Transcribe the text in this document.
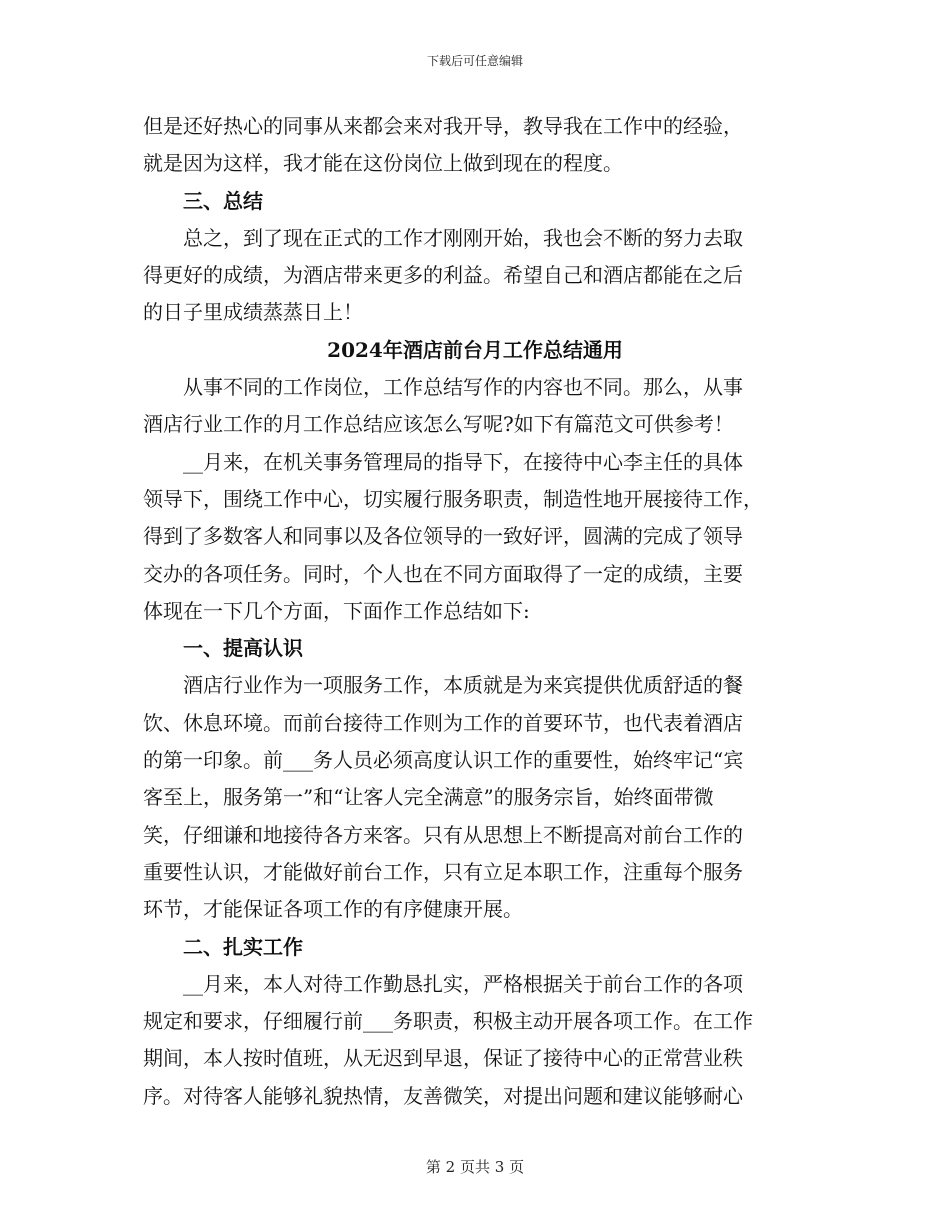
下载后可任意编辑

但是还好热心的同事从来都会来对我开导，教导我在工作中的经验，
就是因为这样，我才能在这份岗位上做到现在的程度。

三、总结

总之，到了现在正式的工作才刚刚开始，我也会不断的努力去取
得更好的成绩，为酒店带来更多的利益。希望自己和酒店都能在之后
的日子里成绩蒸蒸日上！

2024年酒店前台月工作总结通用

从事不同的工作岗位，工作总结写作的内容也不同。那么，从事
酒店行业工作的月工作总结应该怎么写呢?如下有篇范文可供参考！

__月来，在机关事务管理局的指导下，在接待中心李主任的具体
领导下，围绕工作中心，切实履行服务职责，制造性地开展接待工作，
得到了多数客人和同事以及各位领导的一致好评，圆满的完成了领导
交办的各项任务。同时，个人也在不同方面取得了一定的成绩，主要
体现在一下几个方面，下面作工作总结如下:

一、提高认识

酒店行业作为一项服务工作，本质就是为来宾提供优质舒适的餐
饮、休息环境。而前台接待工作则为工作的首要环节，也代表着酒店
的第一印象。前___务人员必须高度认识工作的重要性，始终牢记“宾
客至上，服务第一”和“让客人完全满意”的服务宗旨，始终面带微
笑，仔细谦和地接待各方来客。只有从思想上不断提高对前台工作的
重要性认识，才能做好前台工作，只有立足本职工作，注重每个服务
环节，才能保证各项工作的有序健康开展。

二、扎实工作

__月来，本人对待工作勤恳扎实，严格根据关于前台工作的各项
规定和要求，仔细履行前___务职责，积极主动开展各项工作。在工作
期间，本人按时值班，从无迟到早退，保证了接待中心的正常营业秩
序。对待客人能够礼貌热情，友善微笑，对提出问题和建议能够耐心

第 2 页共 3 页
